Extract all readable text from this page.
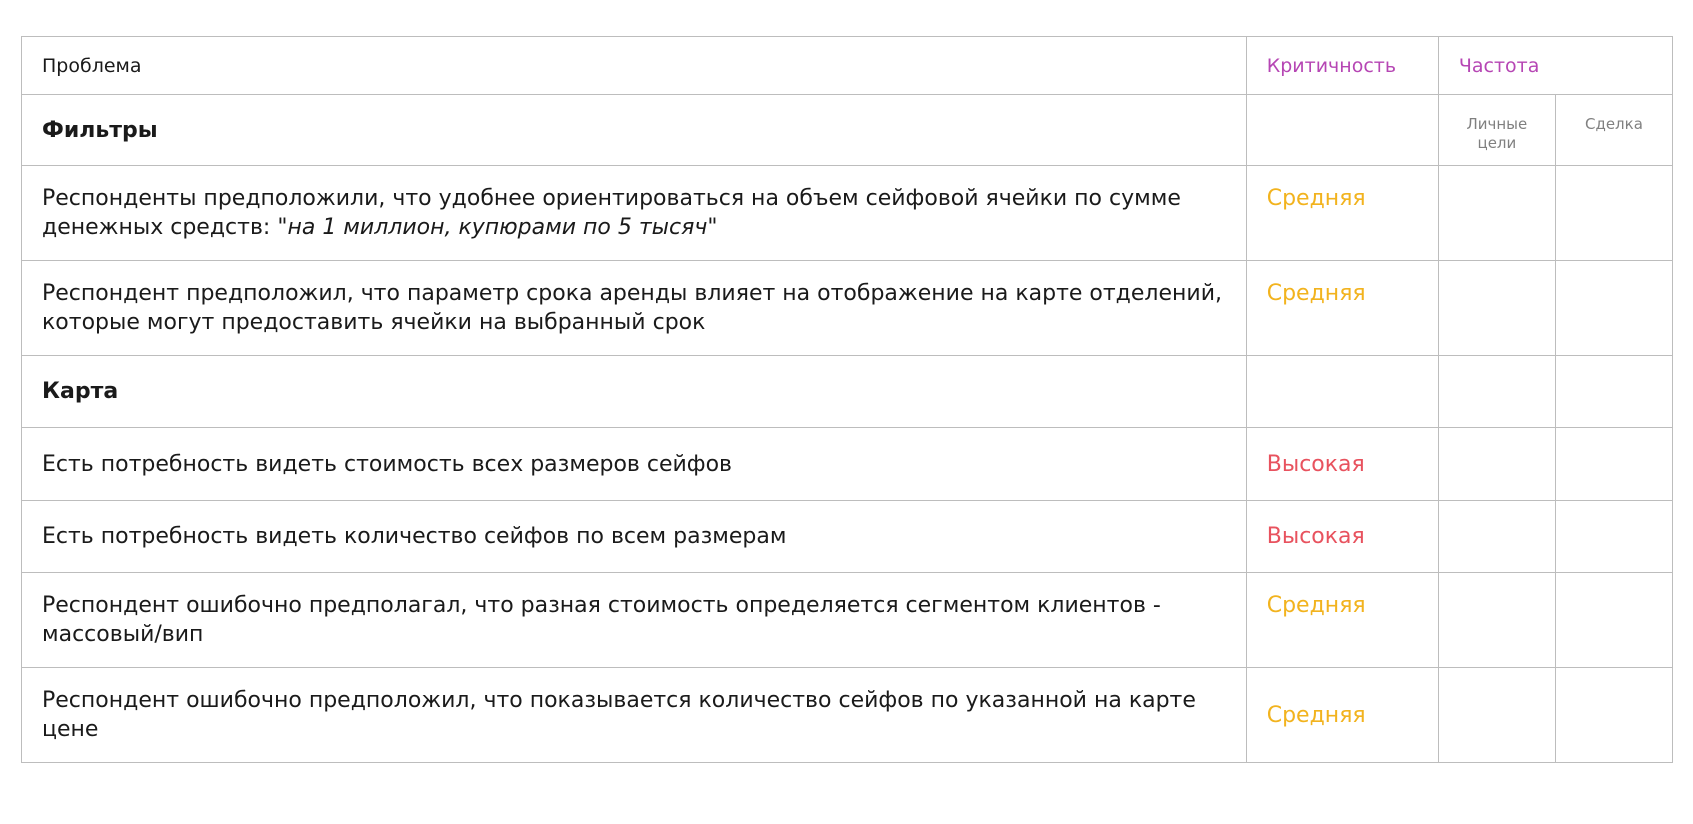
Проблема	Критичность	Частота	
Фильтры		Личные цели	Сделка
Респонденты предположили, что удобнее ориентироваться на объем сейфовой ячейки по сумме денежных средств: "на 1 миллион, купюрами по 5 тысяч"	Средняя		
Респондент предположил, что параметр срока аренды влияет на отображение на карте отделений, которые могут предоставить ячейки на выбранный срок	Средняя		
Карта			
Есть потребность видеть стоимость всех размеров сейфов	Высокая		
Есть потребность видеть количество сейфов по всем размерам	Высокая		
Респондент ошибочно предполагал, что разная стоимость определяется сегментом клиентов - массовый/вип	Средняя		
Респондент ошибочно предположил, что показывается количество сейфов по указанной на карте цене	Средняя		
